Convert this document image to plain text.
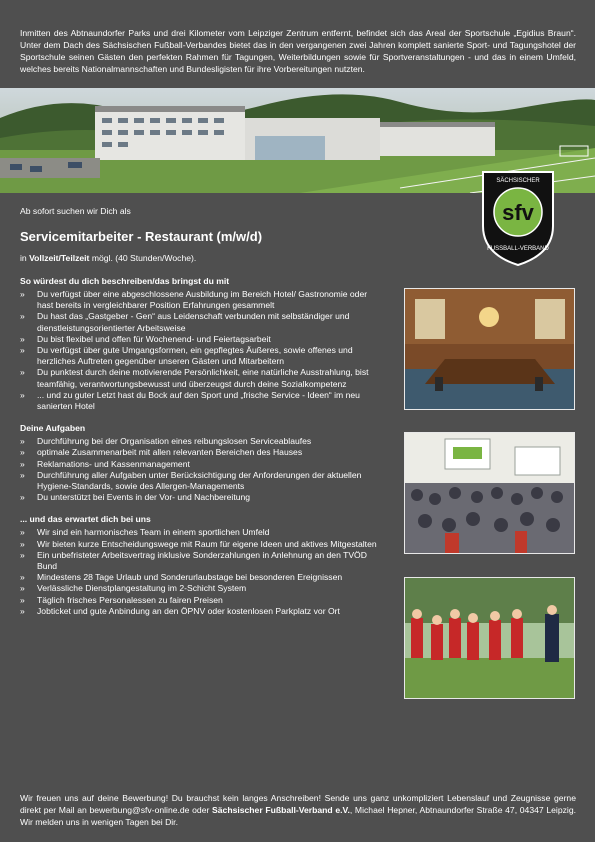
Inmitten des Abtnaundorfer Parks und drei Kilometer vom Leipziger Zentrum entfernt, befindet sich das Areal der Sportschule „Egidius Braun“. Unter dem Dach des Sächsischen Fußball-Verbandes bietet das in den vergangenen zwei Jahren komplett sanierte Sport- und Tagungshotel der Sportschule seinen Gästen den perfekten Rahmen für Tagungen, Weiterbildungen sowie für Sportveranstaltungen - und das in einem Umfeld, welches bereits Nationalmannschaften und Bundesligisten für ihre Vorbereitungen nutzten.

sfv
SÄCHSISCHER
FUSSBALL-VERBAND

Ab sofort suchen wir Dich als

Servicemitarbeiter - Restaurant (m/w/d)

in Vollzeit/Teilzeit mögl. (40 Stunden/Woche).

So würdest du dich beschreiben/das bringst du mit
» Du verfügst über eine abgeschlossene Ausbildung im Bereich Hotel/ Gastronomie oder hast bereits in vergleichbarer Position Erfahrungen gesammelt
» Du hast das „Gastgeber - Gen“ aus Leidenschaft verbunden mit selbständiger und dienstleistungsorientierter Arbeitsweise
» Du bist flexibel und offen für Wochenend- und Feiertagsarbeit
» Du verfügst über gute Umgangsformen, ein gepflegtes Äußeres, sowie offenes und herzliches Auftreten gegenüber unseren Gästen und Mitarbeitern
» Du punktest durch deine motivierende Persönlichkeit, eine natürliche Ausstrahlung, bist teamfähig, verantwortungsbewusst und überzeugst durch deine Sozialkompetenz
» ... und zu guter Letzt hast du Bock auf den Sport und „frische Service - Ideen“ im neu sanierten Hotel
Deine Aufgaben
» Durchführung bei der Organisation eines reibungslosen Serviceablaufes
» optimale Zusammenarbeit mit allen relevanten Bereichen des Hauses
» Reklamations- und Kassenmanagement
» Durchführung aller Aufgaben unter Berücksichtigung der Anforderungen der aktuellen Hygiene-Standards, sowie des Allergen-Managements
» Du unterstützt bei Events in der Vor- und Nachbereitung
... und das erwartet dich bei uns
» Wir sind ein harmonisches Team in einem sportlichen Umfeld
» Wir bieten kurze Entscheidungswege mit Raum für eigene Ideen und aktives Mitgestalten
» Ein unbefristeter Arbeitsvertrag inklusive Sonderzahlungen in Anlehnung an den TVÖD Bund
» Mindestens 28 Tage Urlaub und Sonderurlaubstage bei besonderen Ereignissen
» Verlässliche Dienstplangestaltung im 2-Schicht System
» Täglich frisches Personalessen zu fairen Preisen
» Jobticket und gute Anbindung an den ÖPNV oder kostenlosen Parkplatz vor Ort

Wir freuen uns auf deine Bewerbung! Du brauchst kein langes Anschreiben! Sende uns ganz unkompliziert Lebenslauf und Zeugnisse gerne direkt per Mail an bewerbung@sfv-online.de oder Sächsischer Fußball-Verband e.V., Michael Hepner, Abtnaundorfer Straße 47, 04347 Leipzig. Wir melden uns in wenigen Tagen bei Dir.
